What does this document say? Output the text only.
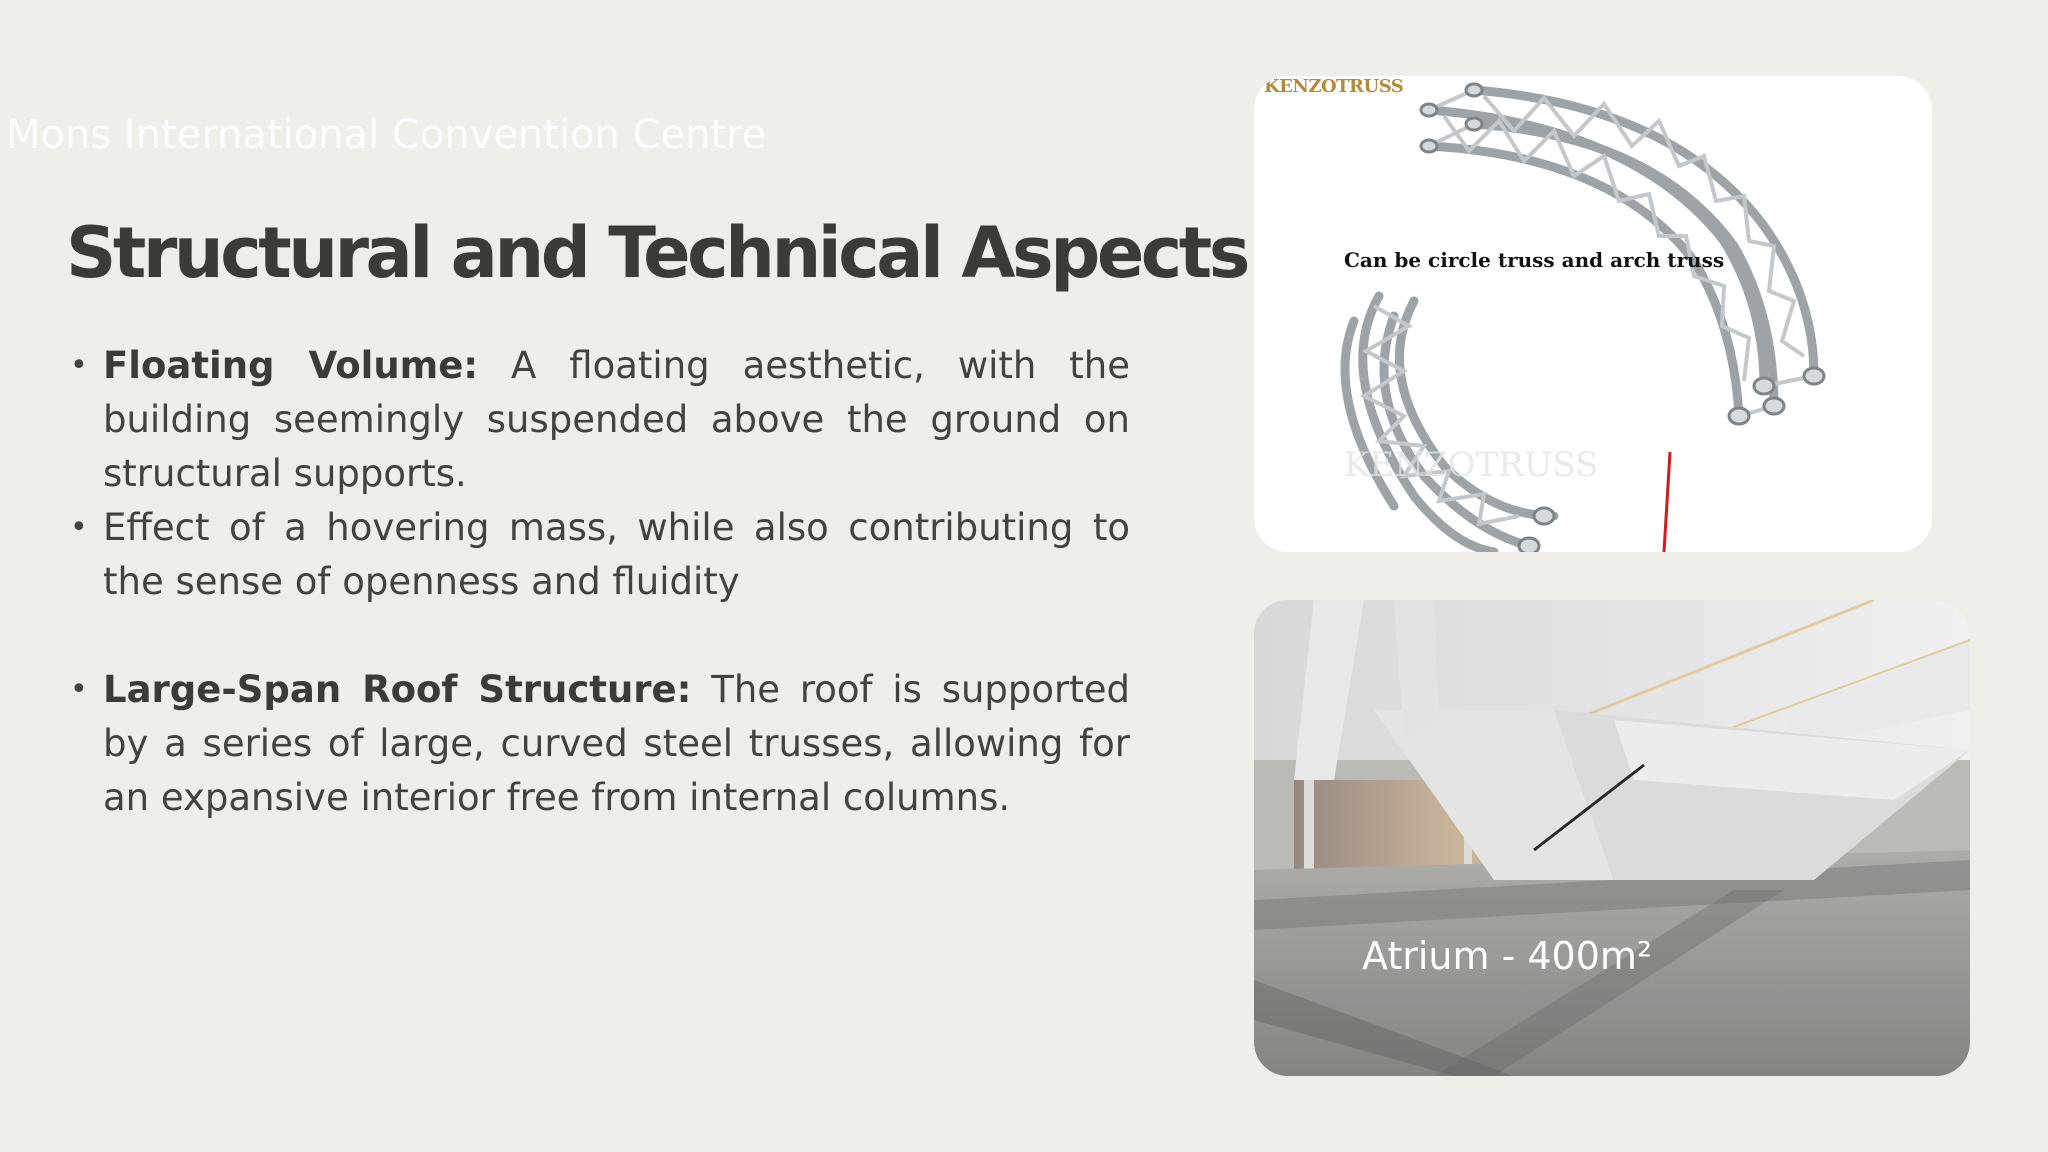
Mons International Convention Centre
Structural and Technical Aspects
• Floating Volume: A floating aesthetic, with the building seemingly suspended above the ground on structural supports.
• Effect of a hovering mass, while also contributing to the sense of openness and fluidity
• Large-Span Roof Structure: The roof is supported by a series of large, curved steel trusses, allowing for an expansive interior free from internal columns.
KENZOTRUSS
KENZOTRUSS
Can be circle truss and arch truss
Atrium - 400m²
